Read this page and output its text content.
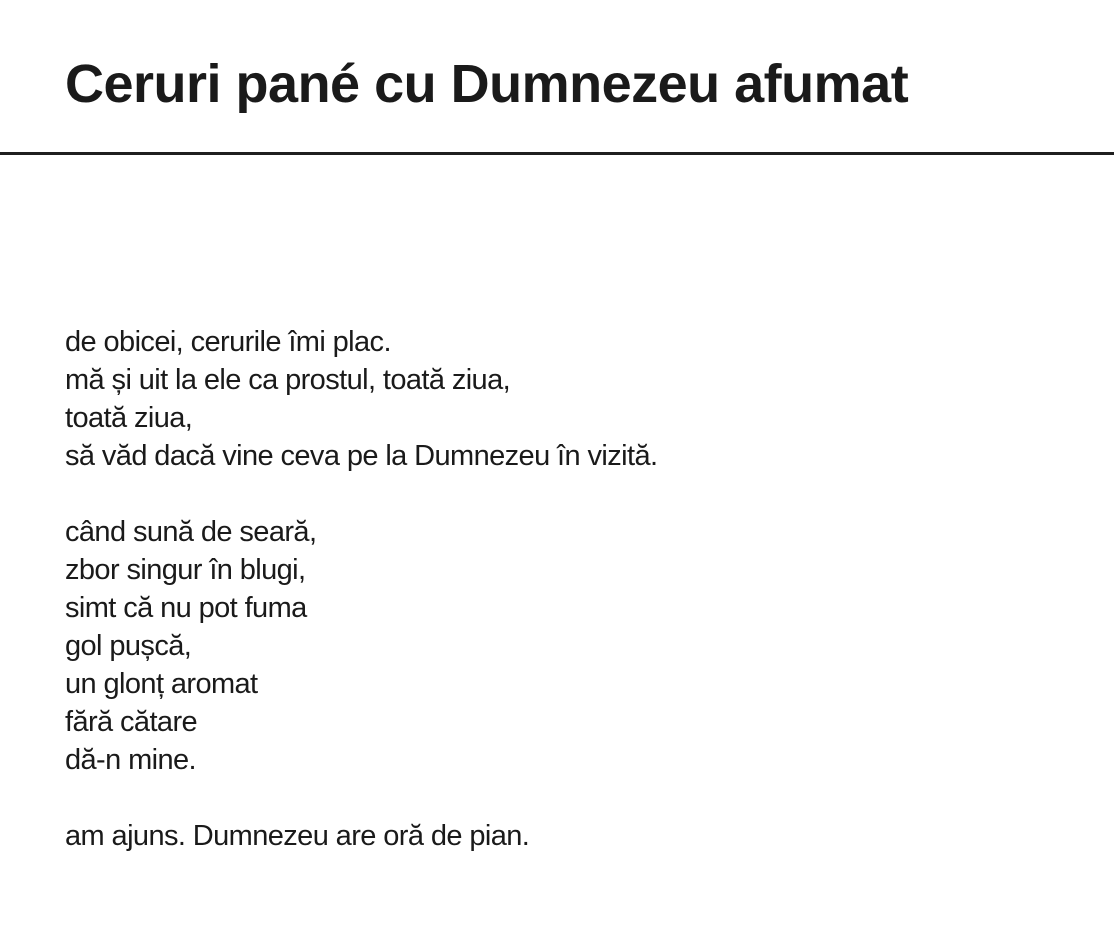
Ceruri pané cu Dumnezeu afumat

de obicei, cerurile îmi plac.
mă și uit la ele ca prostul, toată ziua,
toată ziua,
să văd dacă vine ceva pe la Dumnezeu în vizită.

când sună de seară,
zbor singur în blugi,
simt că nu pot fuma
gol pușcă,
un glonț aromat
fără cătare
dă-n mine.

am ajuns. Dumnezeu are oră de pian.
